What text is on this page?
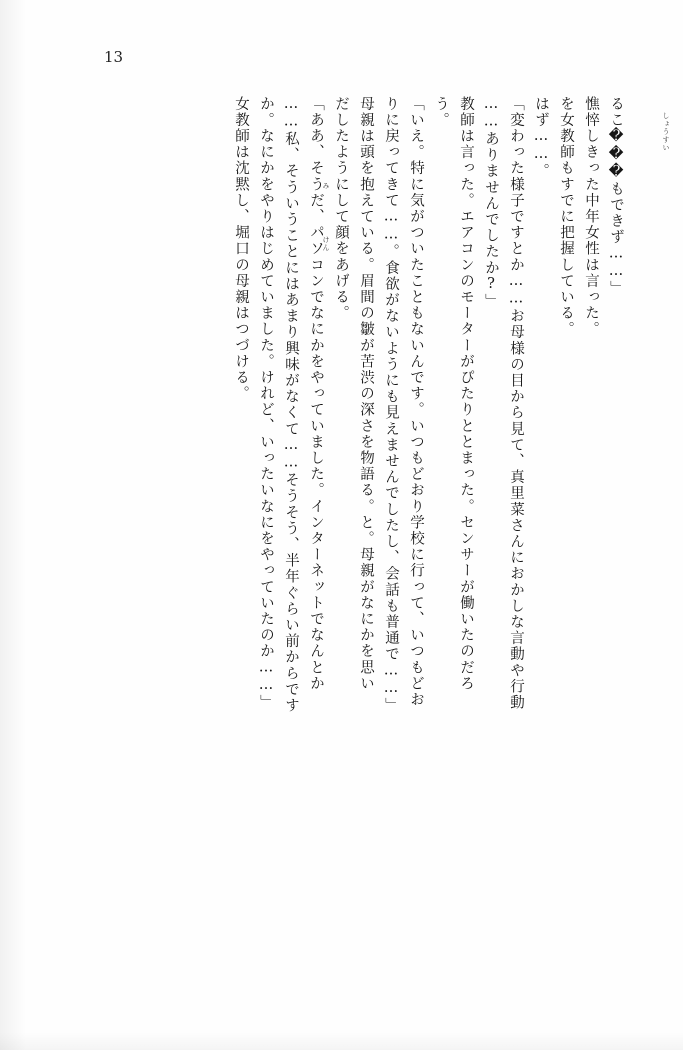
13
るこ���もできず……」
憔悴しきった中年女性は言った。
を女教師もすでに把握している。
はず……。
「変わった様子ですとか……お母様の目から見て、真里菜さんにおかしな言動や行動
……ありませんでしたか?」
教師は言った。エアコンのモーターがぴたりととまった。センサーが働いたのだろ
う。
「いえ。特に気がついたこともないんです。いつもどおり学校に行って、いつもどお
りに戻ってきて……。食欲がないようにも見えませんでしたし、会話も普通で……」
母親は頭を抱えている。眉間の皺が苦渋の深さを物語る。と。母親がなにかを思い
だしたようにして顔をあげる。
「ああ、そうだ、パソコンでなにかをやっていました。インターネットでなんとか
……私、そういうことにはあまり興味がなくて……そうそう、半年ぐらい前からです
か。なにかをやりはじめていました。けれど、いったいなにをやっていたのか……」
女教師は沈黙し、堀口の母親はつづける。	しょうすい
み
けん
